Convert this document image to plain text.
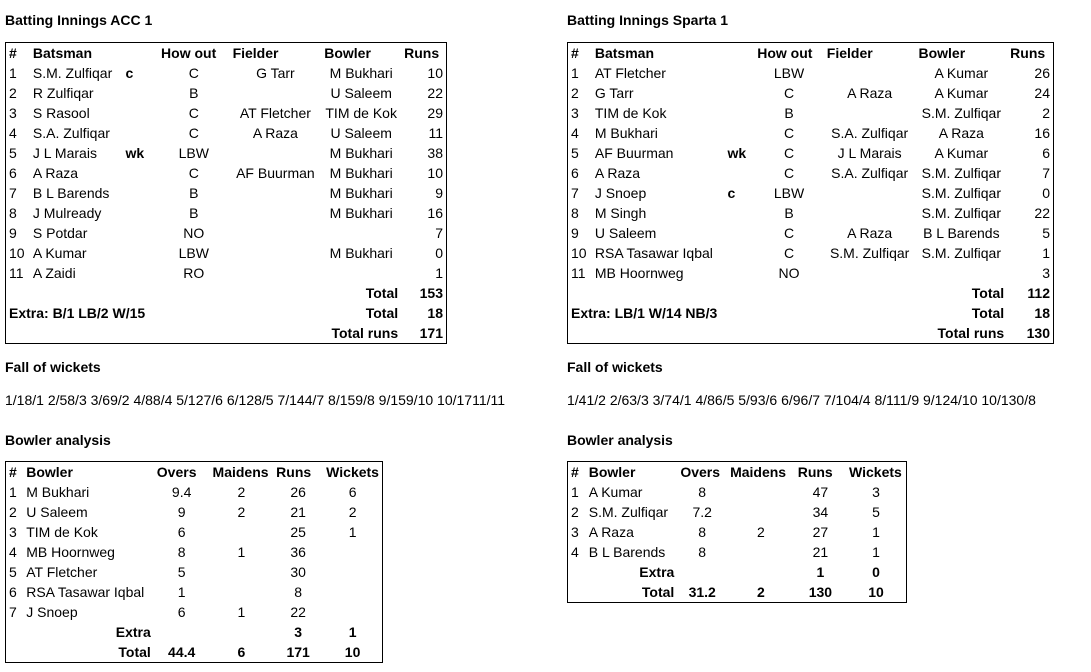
Batting Innings ACC 1
#	Batsman		How out	Fielder	Bowler	Runs
1	S.M. Zulfiqar	c	C	G Tarr	M Bukhari	10
2	R Zulfiqar		B		U Saleem	22
3	S Rasool		C	AT Fletcher	TIM de Kok	29
4	S.A. Zulfiqar		C	A Raza	U Saleem	11
5	J L Marais	wk	LBW		M Bukhari	38
6	A Raza		C	AF Buurman	M Bukhari	10
7	B L Barends		B		M Bukhari	9
8	J Mulready		B		M Bukhari	16
9	S Potdar		NO			7
10	A Kumar		LBW		M Bukhari	0
11	A Zaidi		RO			1
					Total	153
Extra: B/1 LB/2 W/15					Total	18
					Total runs	171
Fall of wickets
1/18/1 2/58/3 3/69/2 4/88/4 5/127/6 6/128/5 7/144/7 8/159/8 9/159/10 10/1711/11
Bowler analysis
#	Bowler	Overs	Maidens	Runs	Wickets
1	M Bukhari	9.4	2	26	6
2	U Saleem	9	2	21	2
3	TIM de Kok	6		25	1
4	MB Hoornweg	8	1	36	
5	AT Fletcher	5		30	
6	RSA Tasawar Iqbal	1		8	
7	J Snoep	6	1	22	
Extra				3	1
Total		44.4	6	171	10
Batting Innings Sparta 1
#	Batsman		How out	Fielder	Bowler	Runs
1	AT Fletcher		LBW		A Kumar	26
2	G Tarr		C	A Raza	A Kumar	24
3	TIM de Kok		B		S.M. Zulfiqar	2
4	M Bukhari		C	S.A. Zulfiqar	A Raza	16
5	AF Buurman	wk	C	J L Marais	A Kumar	6
6	A Raza		C	S.A. Zulfiqar	S.M. Zulfiqar	7
7	J Snoep	c	LBW		S.M. Zulfiqar	0
8	M Singh		B		S.M. Zulfiqar	22
9	U Saleem		C	A Raza	B L Barends	5
10	RSA Tasawar Iqbal		C	S.M. Zulfiqar	S.M. Zulfiqar	1
11	MB Hoornweg		NO			3
					Total	112
Extra: LB/1 W/14 NB/3					Total	18
					Total runs	130
Fall of wickets
1/41/2 2/63/3 3/74/1 4/86/5 5/93/6 6/96/7 7/104/4 8/111/9 9/124/10 10/130/8
Bowler analysis
#	Bowler	Overs	Maidens	Runs	Wickets
1	A Kumar	8		47	3
2	S.M. Zulfiqar	7.2		34	5
3	A Raza	8	2	27	1
4	B L Barends	8		21	1
Extra				1	0
Total		31.2	2	130	10
